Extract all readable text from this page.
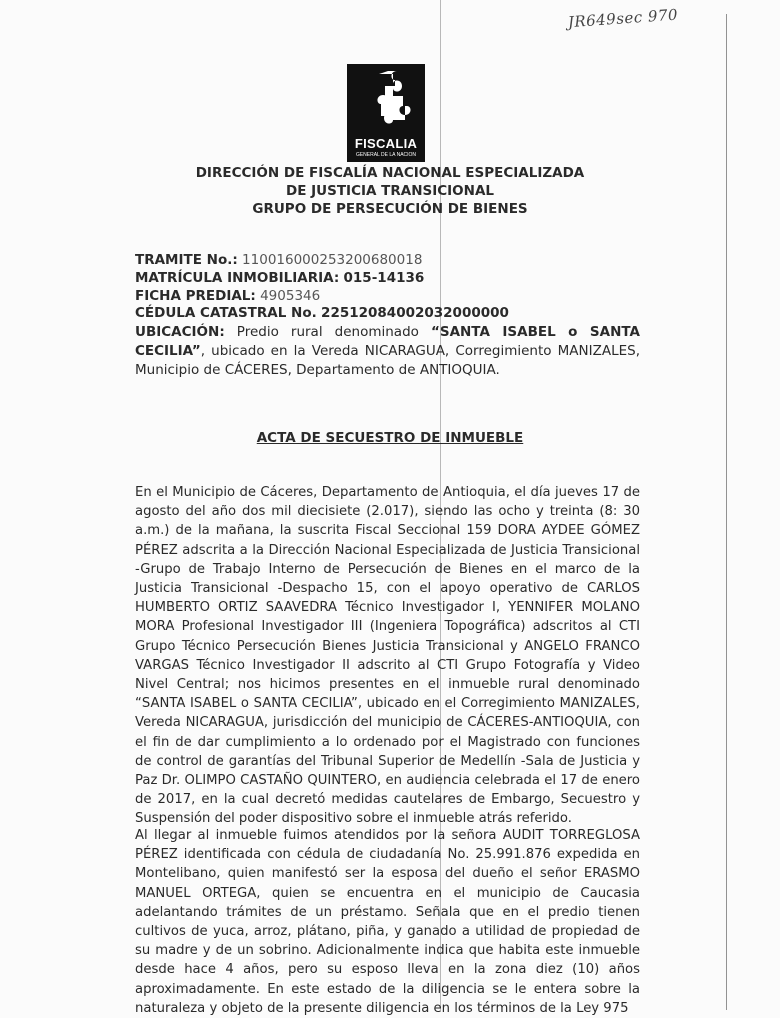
JR649sec 970
FISCALIA
GENERAL DE LA NACION
DIRECCIÓN DE FISCALÍA NACIONAL ESPECIALIZADA
DE JUSTICIA TRANSICIONAL
GRUPO DE PERSECUCIÓN DE BIENES
TRAMITE No.: 110016000253200680018
MATRÍCULA INMOBILIARIA: 015-14136
FICHA PREDIAL: 4905346
CÉDULA CATASTRAL No. 22512084002032000000
UBICACIÓN: Predio rural denominado “SANTA ISABEL o SANTA CECILIA”, ubicado en la Vereda NICARAGUA, Corregimiento MANIZALES, Municipio de CÁCERES, Departamento de ANTIOQUIA.
ACTA DE SECUESTRO DE INMUEBLE
En el Municipio de Cáceres, Departamento de Antioquia, el día jueves 17 de agosto del año dos mil diecisiete (2.017), siendo las ocho y treinta (8: 30 a.m.) de la mañana, la suscrita Fiscal Seccional 159 DORA AYDEE GÓMEZ PÉREZ adscrita a la Dirección Nacional Especializada de Justicia Transicional -Grupo de Trabajo Interno de Persecución de Bienes en el marco de la Justicia Transicional -Despacho 15, con el apoyo operativo de CARLOS HUMBERTO ORTIZ SAAVEDRA Técnico Investigador I, YENNIFER MOLANO MORA Profesional Investigador III (Ingeniera Topográfica) adscritos al CTI Grupo Técnico Persecución Bienes Justicia Transicional y ANGELO FRANCO VARGAS Técnico Investigador II adscrito al CTI Grupo Fotografía y Video Nivel Central; nos hicimos presentes en el inmueble rural denominado “SANTA ISABEL o SANTA CECILIA”, ubicado en el Corregimiento MANIZALES, Vereda NICARAGUA, jurisdicción del municipio de CÁCERES-ANTIOQUIA, con el fin de dar cumplimiento a lo ordenado por el Magistrado con funciones de control de garantías del Tribunal Superior de Medellín -Sala de Justicia y Paz Dr. OLIMPO CASTAÑO QUINTERO, en audiencia celebrada el 17 de enero de 2017, en la cual decretó medidas cautelares de Embargo, Secuestro y Suspensión del poder dispositivo sobre el inmueble atrás referido.
Al llegar al inmueble fuimos atendidos por la señora AUDIT TORREGLOSA PÉREZ identificada con cédula de ciudadanía No. 25.991.876 expedida en Montelibano, quien manifestó ser la esposa del dueño el señor ERASMO MANUEL ORTEGA, quien se encuentra en el municipio de Caucasia adelantando trámites de un préstamo. Señala que en el predio tienen cultivos de yuca, arroz, plátano, piña, y ganado a utilidad de propiedad de su madre y de un sobrino. Adicionalmente indica que habita este inmueble desde hace 4 años, pero su esposo lleva en la zona diez (10) años aproximadamente. En este estado de la diligencia se le entera sobre la naturaleza y objeto de la presente diligencia en los términos de la Ley 975
